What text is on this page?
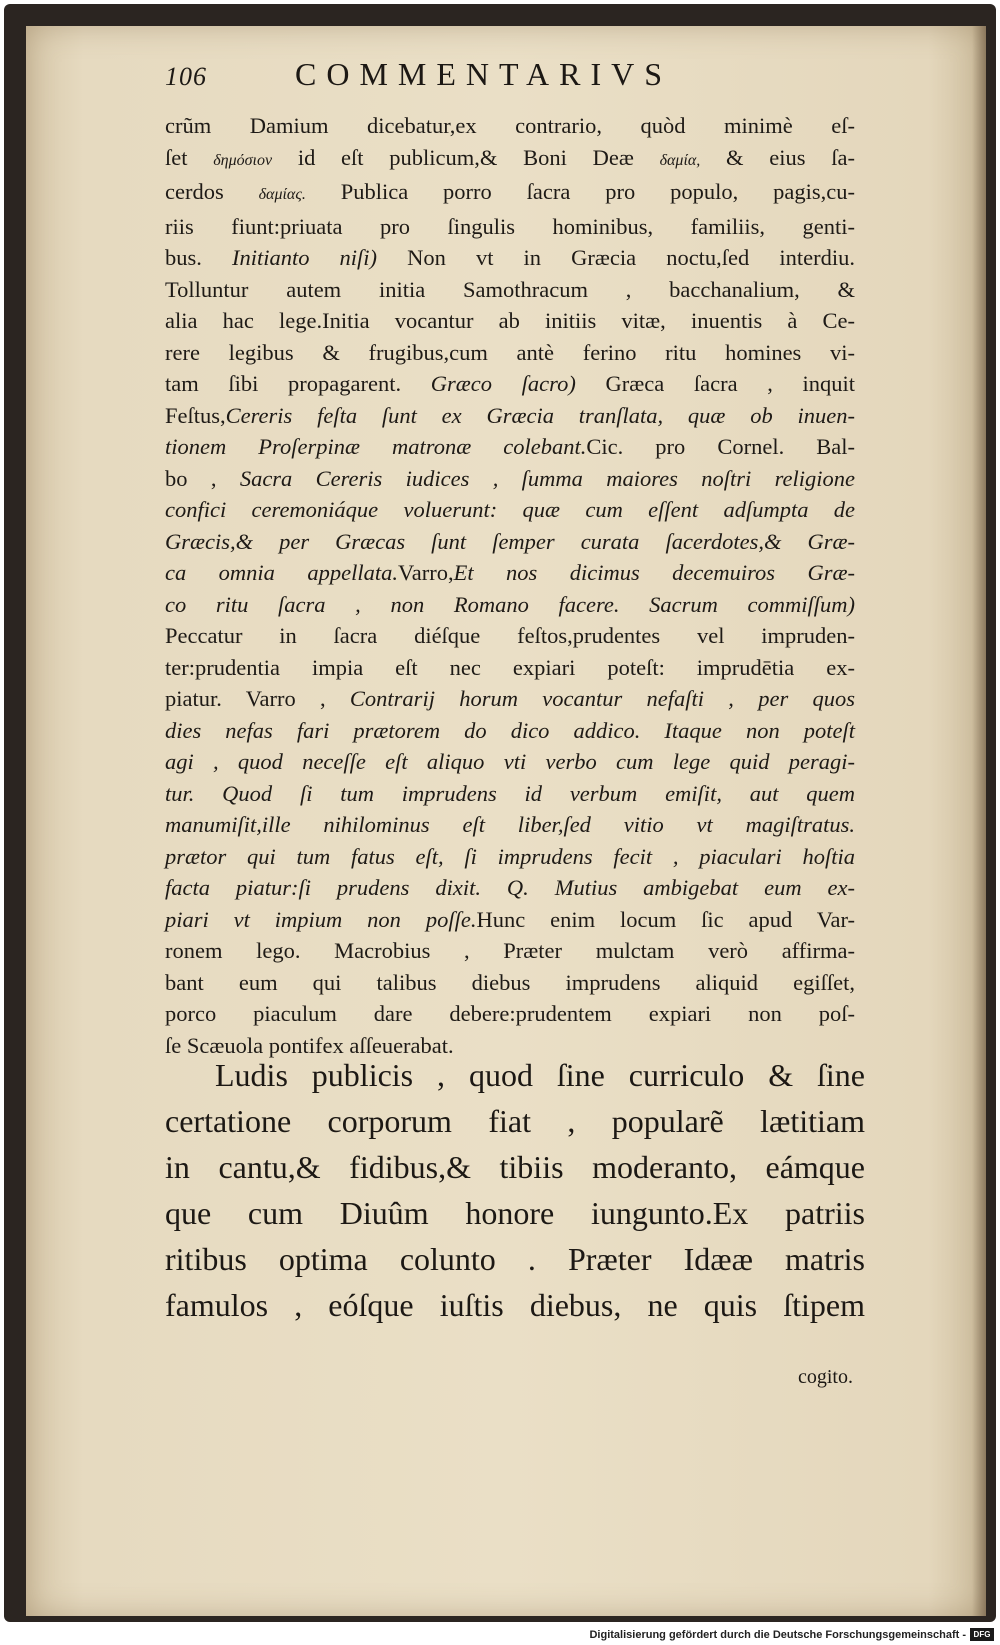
106	COMMENTARIVS
crũm Damium dicebatur,ex contrario, quòd minimè eſ-
ſet δημόσιον id eſt publicum,& Boni Deæ δαμία, & eius ſa-
cerdos δαμίας. Publica porro ſacra pro populo, pagis,cu-
riis fiunt:priuata pro ſingulis hominibus, familiis, genti-
bus. Initianto niſi) Non vt in Græcia noctu,ſed interdiu.
Tolluntur autem initia Samothracum , bacchanalium, &
alia hac lege.Initia vocantur ab initiis vitæ, inuentis à Ce-
rere legibus & frugibus,cum antè ferino ritu homines vi-
tam ſibi propagarent. Græco ſacro) Græca ſacra , inquit
Feſtus,Cereris feſta ſunt ex Græcia tranſlata, quæ ob inuen-
tionem Proſerpinæ matronæ colebant.Cic. pro Cornel. Bal-
bo , Sacra Cereris iudices , ſumma maiores noſtri religione
confici ceremoniáque voluerunt: quæ cum eſſent adſumpta de
Græcis,& per Græcas ſunt ſemper curata ſacerdotes,& Græ-
ca omnia appellata.Varro,Et nos dicimus decemuiros Græ-
co ritu ſacra , non Romano facere. Sacrum commiſſum)
Peccatur in ſacra diéſque feſtos,prudentes vel impruden-
ter:prudentia impia eſt nec expiari poteſt: imprudētia ex-
piatur. Varro , Contrarij horum vocantur nefaſti , per quos
dies nefas fari prætorem do dico addico. Itaque non poteſt
agi , quod neceſſe eſt aliquo vti verbo cum lege quid peragi-
tur. Quod ſi tum imprudens id verbum emiſit, aut quem
manumiſit,ille nihilominus eſt liber,ſed vitio vt magiſtratus.
prætor qui tum fatus eſt, ſi imprudens fecit , piaculari hoſtia
facta piatur:ſi prudens dixit. Q. Mutius ambigebat eum ex-
piari vt impium non poſſe.Hunc enim locum ſic apud Var-
ronem lego. Macrobius , Præter mulctam verò affirma-
bant eum qui talibus diebus imprudens aliquid egiſſet,
porco piaculum dare debere:prudentem expiari non poſ-
ſe Scæuola pontifex aſſeuerabat.
Ludis publicis , quod ſine curriculo & ſine
certatione corporum fiat , popularẽ lætitiam
in cantu,& fidibus,& tibiis moderanto, eámque
que cum Diuûm honore iungunto.Ex patriis
ritibus optima colunto . Præter Idææ matris
famulos , eóſque iuſtis diebus, ne quis ſtipem
cogito.
Digitalisierung gefördert durch die Deutsche Forschungsgemeinschaft - DFG
